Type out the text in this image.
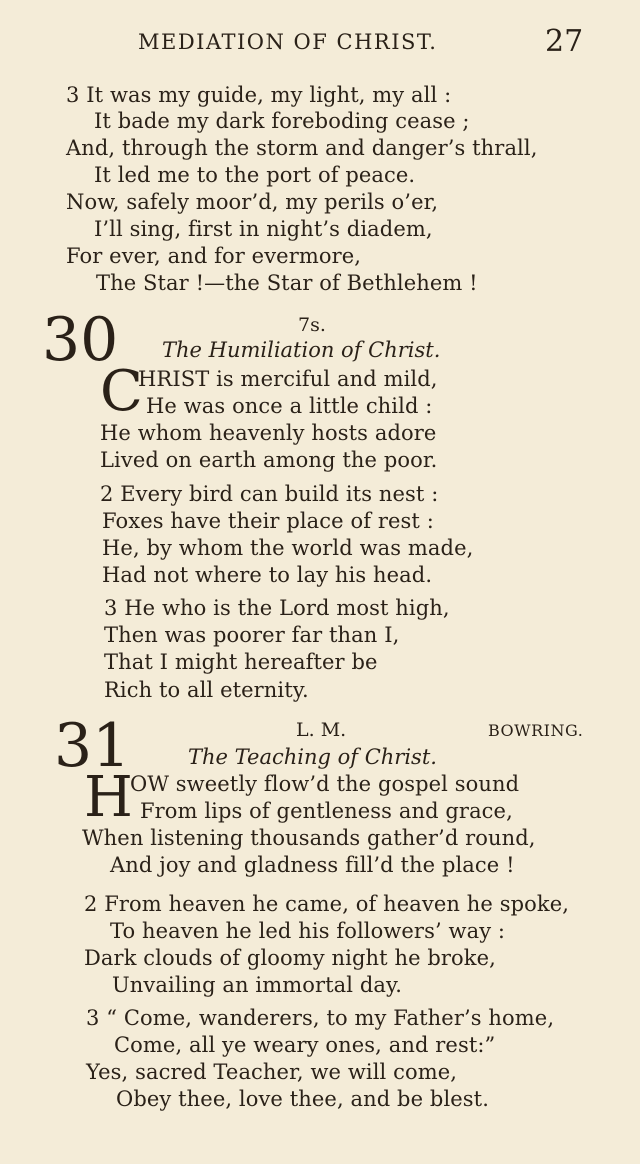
MEDIATION OF CHRIST.	27
3 It was my guide, my light, my all :
It bade my dark foreboding cease ;
And, through the storm and danger’s thrall,
It led me to the port of peace.
Now, safely moor’d, my perils o’er,
I’ll sing, first in night’s diadem,
For ever, and for evermore,
The Star !—the Star of Bethlehem !
30	7s.
The Humiliation of Christ.
C
HRIST is merciful and mild,
He was once a little child :
He whom heavenly hosts adore
Lived on earth among the poor.
2 Every bird can build its nest :
Foxes have their place of rest :
He, by whom the world was made,
Had not where to lay his head.
3 He who is the Lord most high,
Then was poorer far than I,
That I might hereafter be
Rich to all eternity.
31	L. M.	BOWRING.
The Teaching of Christ.
H
OW sweetly flow’d the gospel sound
From lips of gentleness and grace,
When listening thousands gather’d round,
And joy and gladness fill’d the place !
2 From heaven he came, of heaven he spoke,
To heaven he led his followers’ way :
Dark clouds of gloomy night he broke,
Unvailing an immortal day.
3 “ Come, wanderers, to my Father’s home,
Come, all ye weary ones, and rest:”
Yes, sacred Teacher, we will come,
Obey thee, love thee, and be blest.
